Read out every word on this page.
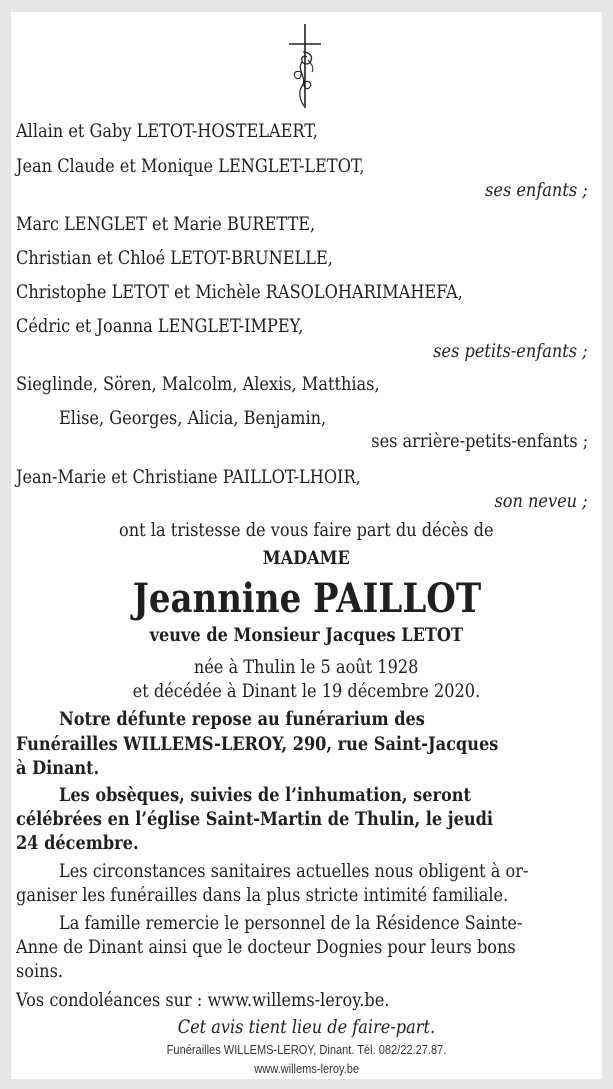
Allain et Gaby LETOT-HOSTELAERT,
Jean Claude et Monique LENGLET-LETOT,
ses enfants ;
Marc LENGLET et Marie BURETTE,
Christian et Chloé LETOT-BRUNELLE,
Christophe LETOT et Michèle RASOLOHARIMAHEFA,
Cédric et Joanna LENGLET-IMPEY,
ses petits-enfants ;
Sieglinde, Sören, Malcolm, Alexis, Matthias,
Elise, Georges, Alicia, Benjamin,
ses arrière-petits-enfants ;
Jean-Marie et Christiane PAILLOT-LHOIR,
son neveu ;
ont la tristesse de vous faire part du décès de
MADAME
Jeannine PAILLOT
veuve de Monsieur Jacques LETOT
née à Thulin le 5 août 1928
et décédée à Dinant le 19 décembre 2020.
Notre défunte repose au funérarium des
Funérailles WILLEMS-LEROY, 290, rue Saint-Jacques
à Dinant.
Les obsèques, suivies de l’inhumation, seront
célébrées en l’église Saint-Martin de Thulin, le jeudi
24 décembre.
Les circonstances sanitaires actuelles nous obligent à or-
ganiser les funérailles dans la plus stricte intimité familiale.
La famille remercie le personnel de la Résidence Sainte-
Anne de Dinant ainsi que le docteur Dognies pour leurs bons
soins.
Vos condoléances sur : www.willems-leroy.be.
Cet avis tient lieu de faire-part.
Funérailles WILLEMS-LEROY, Dinant. Tél. 082/22.27.87.
www.willems-leroy.be
